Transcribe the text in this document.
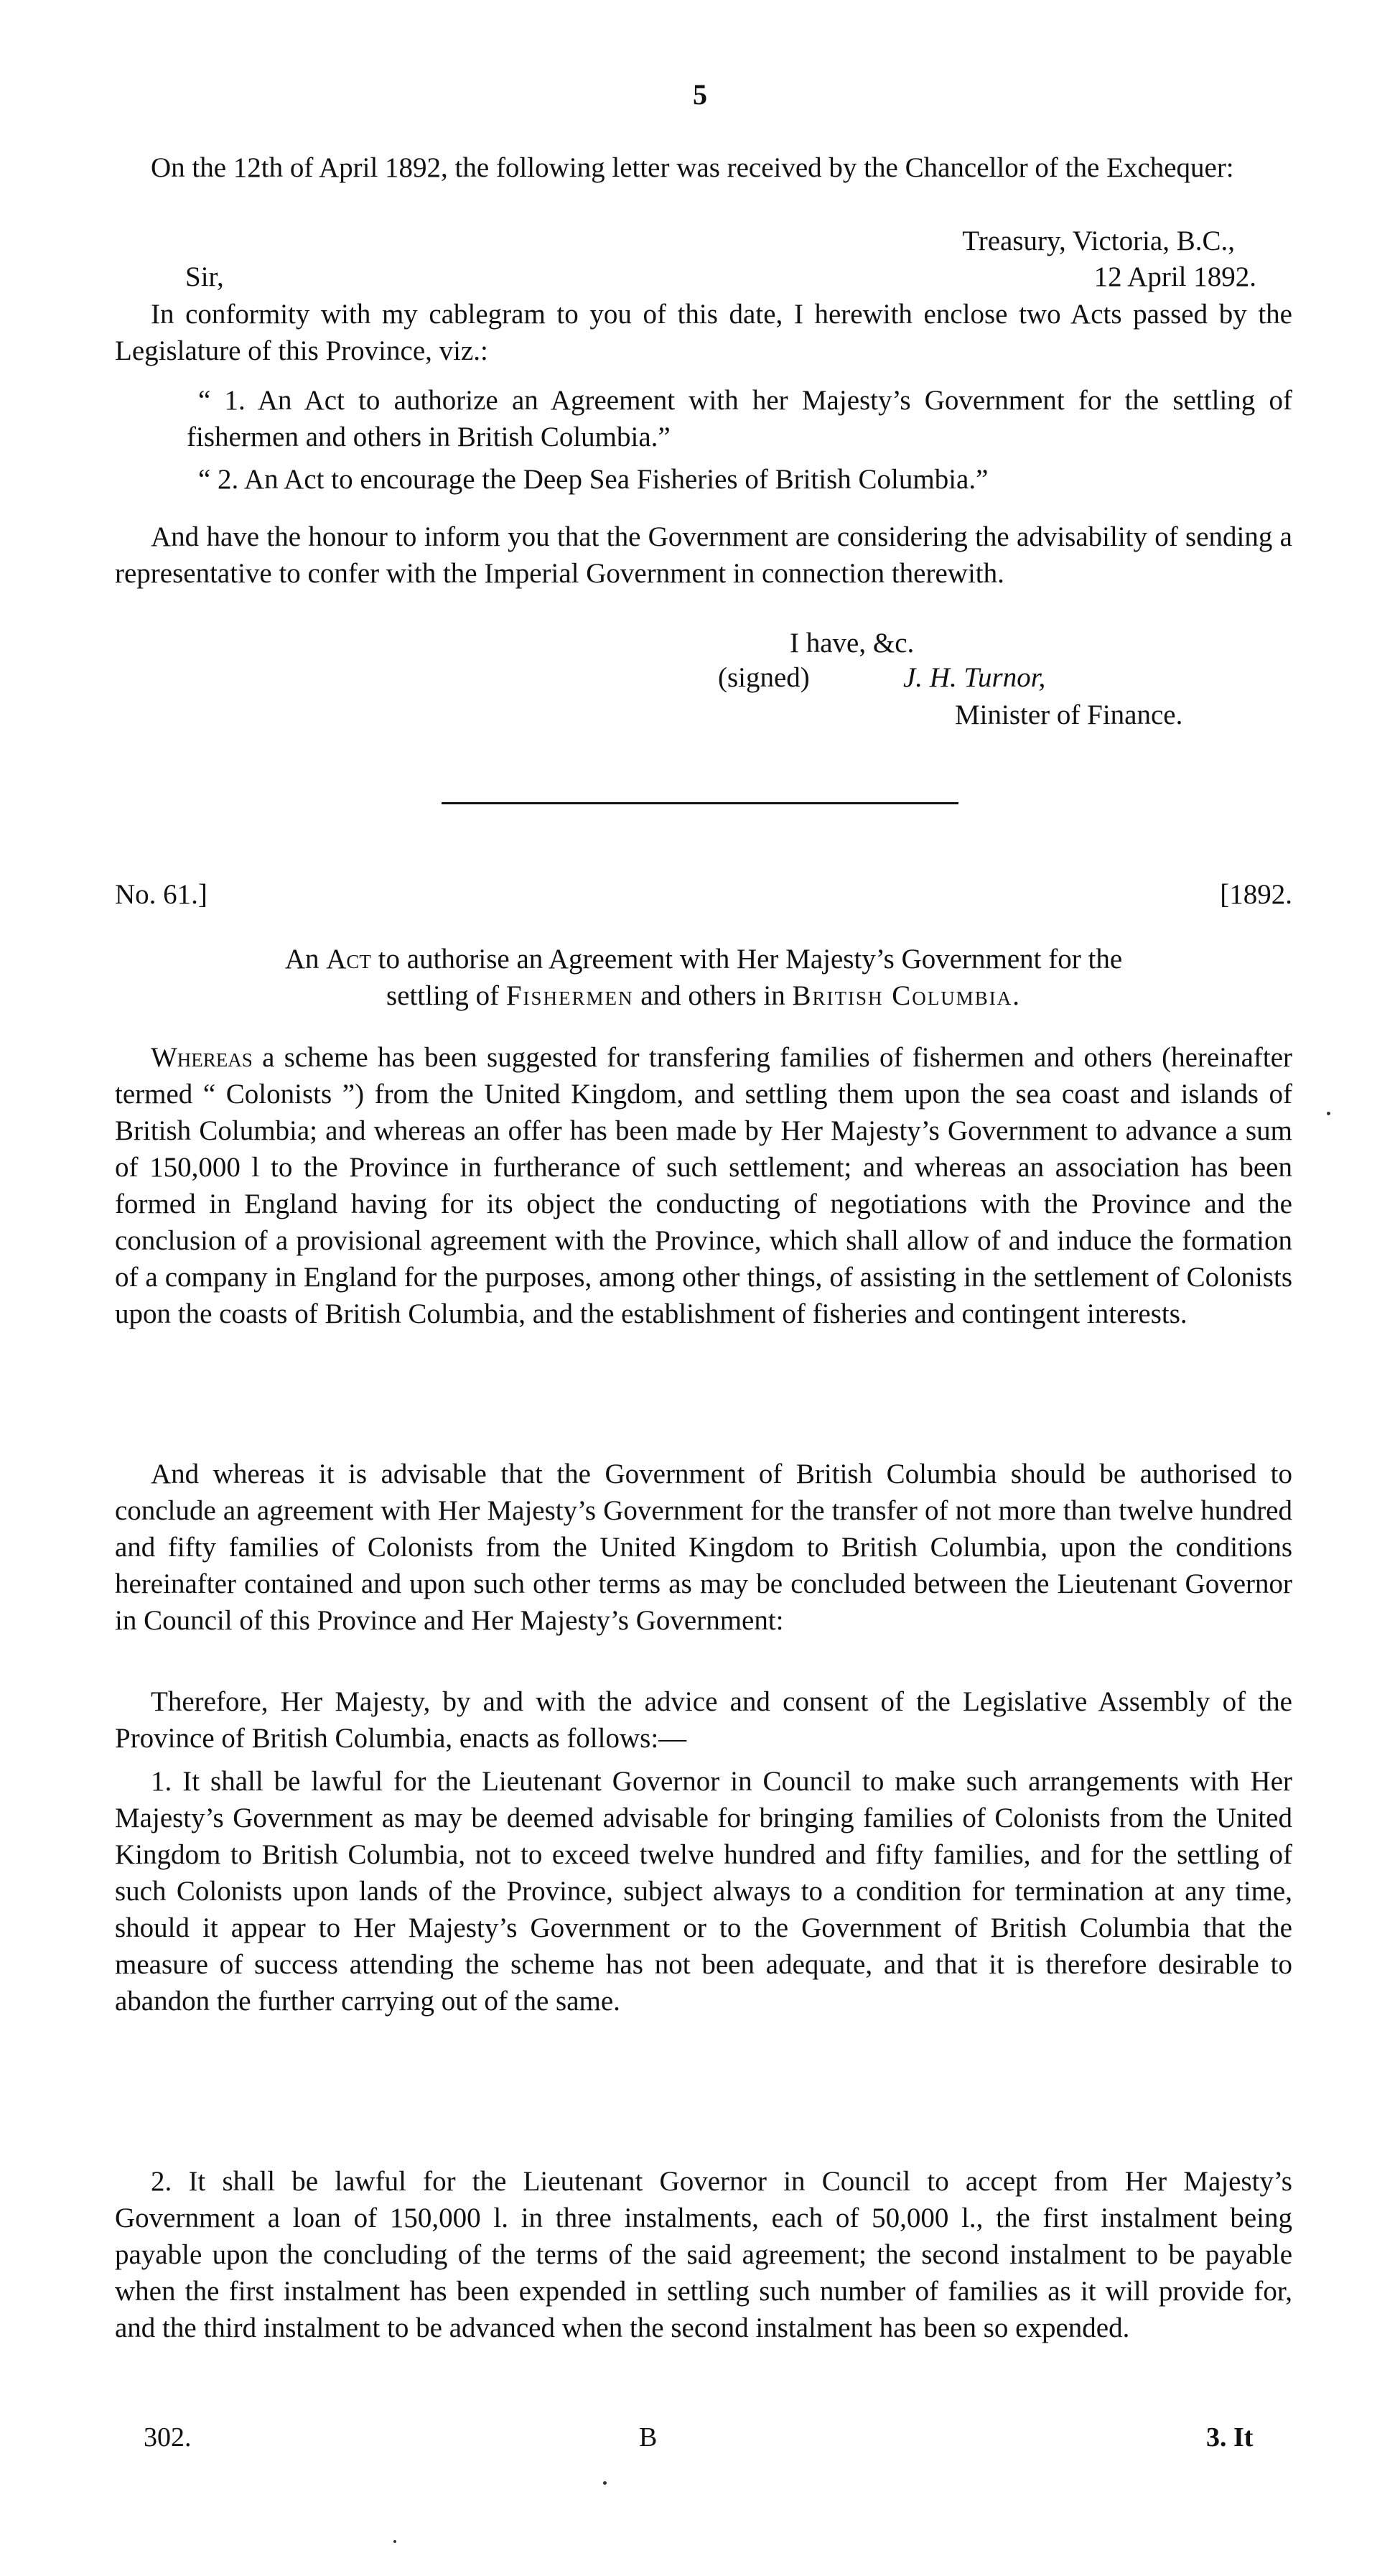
5

On the 12th of April 1892, the following letter was received by the Chancellor of the Exchequer:

Treasury, Victoria, B.C.,
Sir,	12 April 1892.

In conformity with my cablegram to you of this date, I herewith enclose two Acts passed by the Legislature of this Province, viz.:

“ 1. An Act to authorize an Agreement with her Majesty’s Government for the settling of fishermen and others in British Columbia.”

“ 2. An Act to encourage the Deep Sea Fisheries of British Columbia.”

And have the honour to inform you that the Government are considering the advisability of sending a representative to confer with the Imperial Government in connection therewith.

I have, &c.
(signed)	J. H. Turnor,
Minister of Finance.
No. 61.]	[1892.
An Act to authorise an Agreement with Her Majesty’s Government for the
settling of Fishermen and others in British Columbia.

Whereas a scheme has been suggested for transfering families of fishermen and others (hereinafter termed “ Colonists ”) from the United Kingdom, and settling them upon the sea coast and islands of British Columbia; and whereas an offer has been made by Her Majesty’s Government to advance a sum of 150,000 l to the Province in furtherance of such settlement; and whereas an association has been formed in England having for its object the conducting of negotiations with the Province and the conclusion of a provisional agreement with the Province, which shall allow of and induce the formation of a company in England for the purposes, among other things, of assisting in the settlement of Colonists upon the coasts of British Columbia, and the establishment of fisheries and contingent interests.

And whereas it is advisable that the Government of British Columbia should be authorised to conclude an agreement with Her Majesty’s Government for the transfer of not more than twelve hundred and fifty families of Colonists from the United Kingdom to British Columbia, upon the conditions hereinafter contained and upon such other terms as may be concluded between the Lieutenant Governor in Council of this Province and Her Majesty’s Government:

Therefore, Her Majesty, by and with the advice and consent of the Legislative Assembly of the Province of British Columbia, enacts as follows:—

1. It shall be lawful for the Lieutenant Governor in Council to make such arrangements with Her Majesty’s Government as may be deemed advisable for bringing families of Colonists from the United Kingdom to British Columbia, not to exceed twelve hundred and fifty families, and for the settling of such Colonists upon lands of the Province, subject always to a condition for termination at any time, should it appear to Her Majesty’s Government or to the Government of British Columbia that the measure of success attending the scheme has not been adequate, and that it is therefore desirable to abandon the further carrying out of the same.

2. It shall be lawful for the Lieutenant Governor in Council to accept from Her Majesty’s Government a loan of 150,000 l. in three instalments, each of 50,000 l., the first instalment being payable upon the concluding of the terms of the said agreement; the second instalment to be payable when the first instalment has been expended in settling such number of families as it will provide for, and the third instalment to be advanced when the second instalment has been so expended.

302.	B	3. It
